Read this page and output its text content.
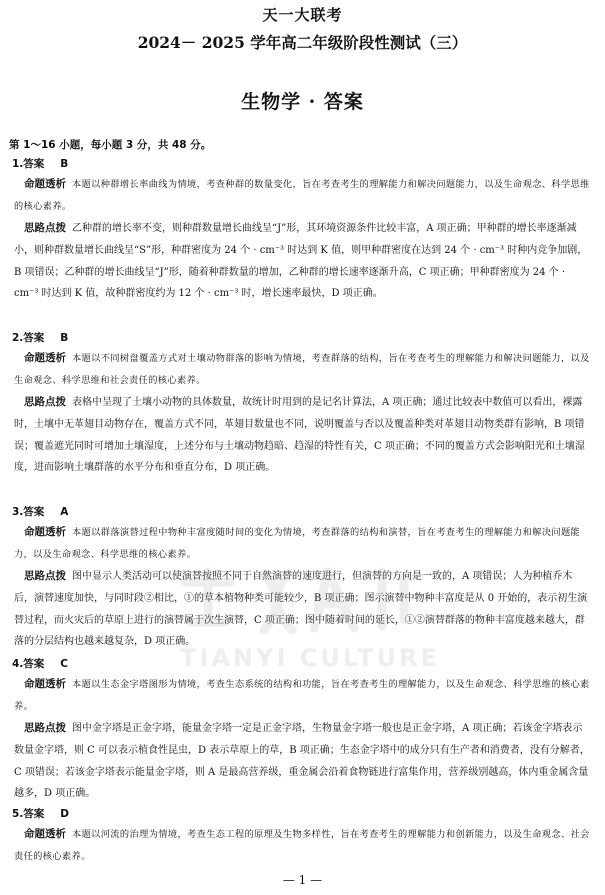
天一大联考
2024－ 2025 学年高二年级阶段性测试（三）
生物学 · 答案
第 1～16 小题，每小题 3 分，共 48 分。
1.答案 B
命题透析 本题以种群增长率曲线为情境，考查种群的数量变化，旨在考查考生的理解能力和解决问题能力，以及生命观念、科学思维的核心素养。
思路点拨 乙种群的增长率不变，则种群数量增长曲线呈“J”形，其环境资源条件比较丰富，A 项正确；甲种群的增长率逐渐减小，则种群数量增长曲线呈“S”形，种群密度为 24 个 · cm⁻³ 时达到 K 值，则甲种群密度在达到 24 个 · cm⁻³ 时种内竞争加剧，B 项错误；乙种群的增长曲线呈“J”形，随着种群数量的增加，乙种群的增长速率逐渐升高，C 项正确；甲种群密度为 24 个 · cm⁻³ 时达到 K 值，故种群密度约为 12 个 · cm⁻³ 时，增长速率最快，D 项正确。
2.答案 B
命题透析 本题以不同树盘覆盖方式对土壤动物群落的影响为情境，考查群落的结构，旨在考查考生的理解能力和解决问题能力，以及生命观念、科学思维和社会责任的核心素养。
思路点拨 表格中呈现了土壤小动物的具体数量，故统计时用到的是记名计算法，A 项正确；通过比较表中数值可以看出，裸露时，土壤中无革翅目动物存在，覆盖方式不同，革翅目数量也不同，说明覆盖与否以及覆盖种类对革翅目动物类群有影响，B 项错误；覆盖遮光同时可增加土壤湿度，上述分布与土壤动物趋暗、趋湿的特性有关，C 项正确；不同的覆盖方式会影响阳光和土壤湿度，进而影响土壤群落的水平分布和垂直分布，D 项正确。
3.答案 A
命题透析 本题以群落演替过程中物种丰富度随时间的变化为情境，考查群落的结构和演替，旨在考查考生的理解能力和解决问题能力，以及生命观念、科学思维的核心素养。
思路点拨 图中显示人类活动可以使演替按照不同于自然演替的速度进行，但演替的方向是一致的，A 项错误；人为种植乔木后，演替速度加快，与同时段②相比，①的草本植物种类可能较少，B 项正确；图示演替中物种丰富度是从 0 开始的，表示初生演替过程，而火灾后的草原上进行的演替属于次生演替，C 项正确；图中随着时间的延长，①②演替群落的物种丰富度越来越大，群落的分层结构也越来越复杂，D 项正确。
4.答案 C
命题透析 本题以生态金字塔图形为情境，考查生态系统的结构和功能，旨在考查考生的理解能力，以及生命观念、科学思维的核心素养。
思路点拨 图中金字塔是正金字塔，能量金字塔一定是正金字塔，生物量金字塔一般也是正金字塔，A 项正确；若该金字塔表示数量金字塔，则 C 可以表示植食性昆虫，D 表示草原上的草，B 项正确；生态金字塔中的成分只有生产者和消费者，没有分解者，C 项错误；若该金字塔表示能量金字塔，则 A 是最高营养级，重金属会沿着食物链进行富集作用，营养级别越高，体内重金属含量越多，D 项正确。
5.答案 D
命题透析 本题以河流的治理为情境，考查生态工程的原理及生物多样性，旨在考查考生的理解能力和创新能力，以及生命观念、社会责任的核心素养。
TIANYI CULTURE
— 1 —
